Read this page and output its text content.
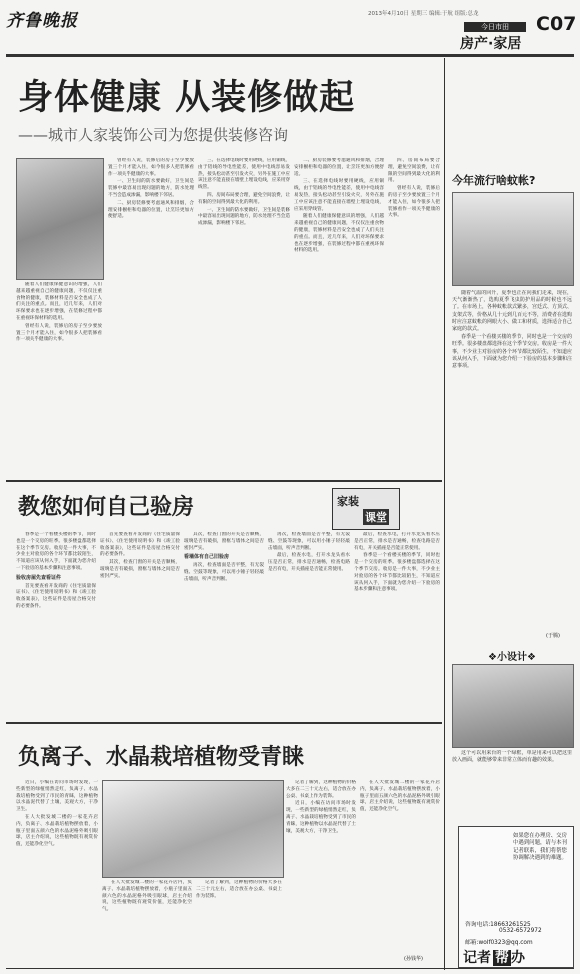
齐鲁晚报	2013年4月10日 星期三 编辑:于航 组版:总龙
今日市田
房产·家居
C07
身体健康 从装修做起
——城市人家装饰公司为您提供装修咨询

随着人们健康保健意识的增强，人们越来越重视自己的健康问题，不仅仅注重食物的健康，装修材料是否安全也成了人们关注的重点。而且，近几年来，人们对环保要求也在逐步增强，在装修过程中都在重视环保材料的选用。

曾经有人说，装修后的房子至少要放置三个月才能入住，如今很多人把装修看作一项关乎健康的大事。

曾经有人说，装修后的房子至少要放置三个月才能入住，如今很多人把装修看作一项关乎健康的大事。

一、卫生间的防水要做好，卫生间是装修中最容易出现问题的地方，防水处理不当会造成渗漏，影响楼下邻居。

二、厨房装修要考虑通风和排烟，合理安排橱柜和电器的位置，让烹饪更加方便舒适。

三、在选择电线时要用硬线，应用铜线，由于铝线的导电性能差，使用中电线容易发热，接头松动甚至引发火灾，另外在施工中应该注意不能直接在墙壁上埋设电线，应采用穿线管。

四、房间布局要合理，避免空间浪费，让有限的空间得到最大化的利用。

一、卫生间的防水要做好，卫生间是装修中最容易出现问题的地方，防水处理不当会造成渗漏，影响楼下邻居。

二、厨房装修要考虑通风和排烟，合理安排橱柜和电器的位置，让烹饪更加方便舒适。

三、在选择电线时要用硬线，应用铜线，由于铝线的导电性能差，使用中电线容易发热，接头松动甚至引发火灾，另外在施工中应该注意不能直接在墙壁上埋设电线，应采用穿线管。

随着人们健康保健意识的增强，人们越来越重视自己的健康问题，不仅仅注重食物的健康，装修材料是否安全也成了人们关注的重点。而且，近几年来，人们对环保要求也在逐步增强，在装修过程中都在重视环保材料的选用。

四、房间布局要合理，避免空间浪费，让有限的空间得到最大化的利用。

曾经有人说，装修后的房子至少要放置三个月才能入住，如今很多人把装修看作一项关乎健康的大事。

今年流行啥蚊帐?

随着气温的回升，夏季也正在向我们走来，现在，天气渐渐热了，选购夏季飞虫防护用品的时候也不远了。在市场上，各种蚊帐款式繁多，宫廷式、方顶式、支架式等，价格从几十元到几百元不等，消费者在选购时应注意蚊帐的网眼大小、做工和材质，选择适合自己家庭的款式。

春季是一个看楼买楼的季节，同时也是一个交房的旺季。很多楼盘都选择在这个季节交房。收房是一件大事，不少业主对验房的各个环节都比较陌生，不知道应该从何入手，下面就为您介绍一下验房的基本步骤和注意事项。

(于腾)
教您如何自己验房	家装
课堂

春季是一个看楼买楼的季节，同时也是一个交房的旺季。很多楼盘都选择在这个季节交房。收房是一件大事，不少业主对验房的各个环节都比较陌生，不知道应该从何入手，下面就为您介绍一下验房的基本步骤和注意事项。

验收房屋先查看证件

首先要查看开发商的《住宅质量保证书》、《住宅使用说明书》和《竣工验收备案表》，这些证件是房屋合格交付的必要条件。

首先要查看开发商的《住宅质量保证书》、《住宅使用说明书》和《竣工验收备案表》，这些证件是房屋合格交付的必要条件。

其次，检查门窗的开关是否顺畅，玻璃是否有破损，窗框与墙体之间是否密封严实。

其次，检查门窗的开关是否顺畅，玻璃是否有破损，窗框与墙体之间是否密封严实。

看墙体有自己旧验房

再次，检查墙面是否平整，有无裂缝、空鼓等现象，可以用小锤子轻轻敲击墙面，听声音判断。

再次，检查墙面是否平整，有无裂缝、空鼓等现象，可以用小锤子轻轻敲击墙面，听声音判断。

最后，检查水电，打开水龙头看水压是否正常，排水是否通畅，检查电路是否有电，开关插座是否能正常使用。

最后，检查水电，打开水龙头看水压是否正常，排水是否通畅，检查电路是否有电，开关插座是否能正常使用。

春季是一个看楼买楼的季节，同时也是一个交房的旺季。很多楼盘都选择在这个季节交房。收房是一件大事，不少业主对验房的各个环节都比较陌生，不知道应该从何入手，下面就为您介绍一下验房的基本步骤和注意事项。

❖小设计❖

这个可以用来台的一个绿框，单是用来可以把这里放入画面，就能够带来非常立体而有趣的效果。

负离子、水晶栽培植物受青睐

近日，小编在访问市场时发现，一些新型的绿植悄然走红，负离子、水晶栽培植物受到了市民的青睐，这种植物以水晶泥代替了土壤，美观大方，干净卫生。

在人大批发城二楼的一家花卉店内，负离子、水晶栽培植物摆放着，小瓶子里面五颜六色的水晶泥格外吸引眼球，店主介绍说，这些植物既有观赏价值，还能净化空气。

在人大批发城二楼的一家花卉店内，负离子、水晶栽培植物摆放着，小瓶子里面五颜六色的水晶泥格外吸引眼球，店主介绍说，这些植物既有观赏价值，还能净化空气。

记者了解到，这种植物的价格大多在二三十元左右，适合放在办公桌、书桌上作为装饰。

记者了解到，这种植物的价格大多在二三十元左右，适合放在办公桌、书桌上作为装饰。

近日，小编在访问市场时发现，一些新型的绿植悄然走红，负离子、水晶栽培植物受到了市民的青睐，这种植物以水晶泥代替了土壤，美观大方，干净卫生。

在人大批发城二楼的一家花卉店内，负离子、水晶栽培植物摆放着，小瓶子里面五颜六色的水晶泥格外吸引眼球，店主介绍说，这些植物既有观赏价值，还能净化空气。

(孙钱华)
如果您在办理房、交房中遇到问题，请与本刊记者联系，我们将帮您协调解决遇到的难题。
咨询电话:18663261525
0532-6572972
邮箱:wolf0323@qq.com
记者 帮 办
